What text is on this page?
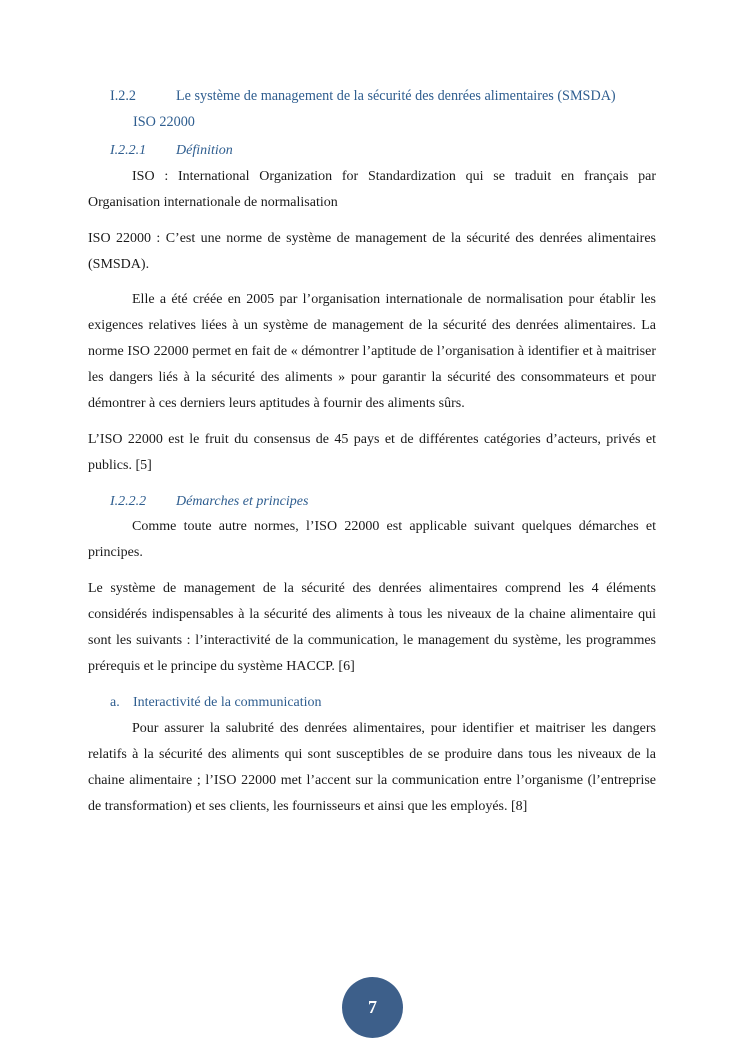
I.2.2	Le système de management de la sécurité des denrées alimentaires (SMSDA)
ISO 22000
I.2.2.1 Définition

ISO : International Organization for Standardization qui se traduit en français par Organisation internationale de normalisation

ISO 22000 : C’est une norme de système de management de la sécurité des denrées alimentaires (SMSDA).

Elle a été créée en 2005 par l’organisation internationale de normalisation pour établir les exigences relatives liées à un système de management de la sécurité des denrées alimentaires. La norme ISO 22000 permet en fait de « démontrer l’aptitude de l’organisation à identifier et à maitriser les dangers liés à la sécurité des aliments » pour garantir la sécurité des consommateurs et pour démontrer à ces derniers leurs aptitudes à fournir des aliments sûrs.

L’ISO 22000 est le fruit du consensus de 45 pays et de différentes catégories d’acteurs, privés et publics. [5]

I.2.2.2 Démarches et principes

Comme toute autre normes, l’ISO 22000 est applicable suivant quelques démarches et principes.

Le système de management de la sécurité des denrées alimentaires comprend les 4 éléments considérés indispensables à la sécurité des aliments à tous les niveaux de la chaine alimentaire qui sont les suivants : l’interactivité de la communication, le management du système, les programmes prérequis et le principe du système HACCP. [6]

a. Interactivité de la communication

Pour assurer la salubrité des denrées alimentaires, pour identifier et maitriser les dangers relatifs à la sécurité des aliments qui sont susceptibles de se produire dans tous les niveaux de la chaine alimentaire ; l’ISO 22000 met l’accent sur la communication entre l’organisme (l’entreprise de transformation) et ses clients, les fournisseurs et ainsi que les employés. [8]

7
